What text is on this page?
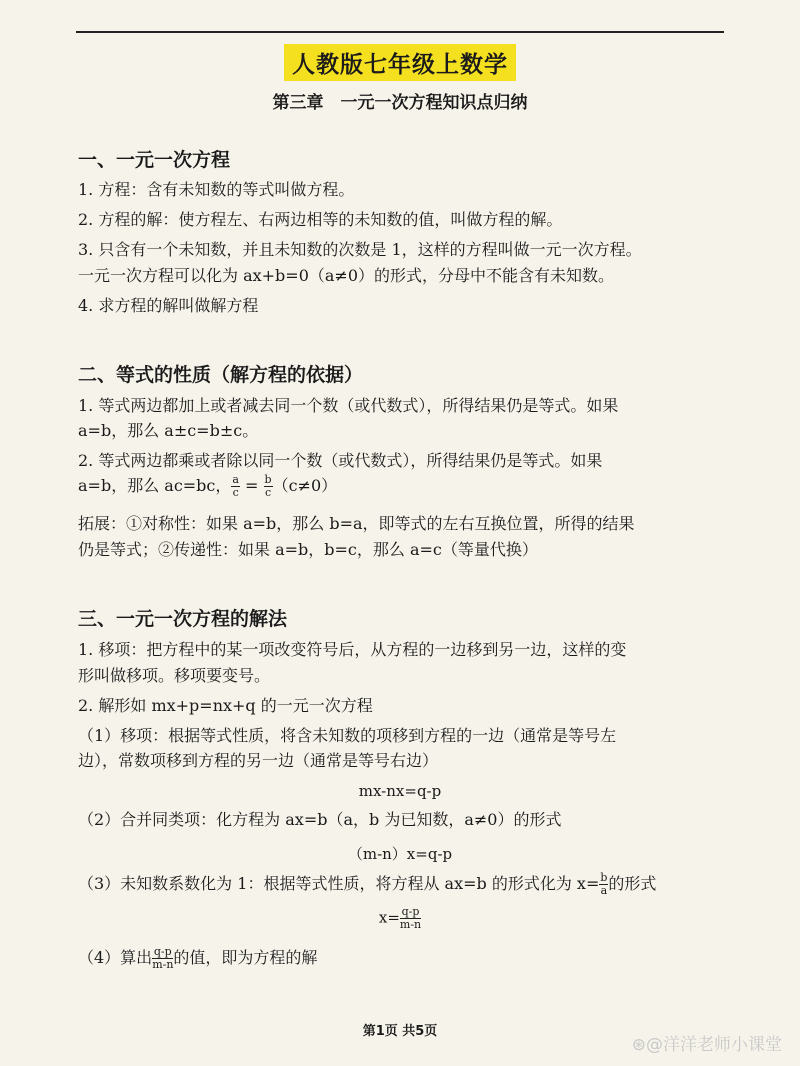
人教版七年级上数学
第三章　一元一次方程知识点归纳
一、一元一次方程
1. 方程：含有未知数的等式叫做方程。
2. 方程的解：使方程左、右两边相等的未知数的值，叫做方程的解。
3. 只含有一个未知数，并且未知数的次数是 1，这样的方程叫做一元一次方程。
一元一次方程可以化为 ax+b=0（a≠0）的形式，分母中不能含有未知数。
4. 求方程的解叫做解方程
二、等式的性质（解方程的依据）
1. 等式两边都加上或者减去同一个数（或代数式），所得结果仍是等式。如果
a=b，那么 a±c=b±c。
2. 等式两边都乘或者除以同一个数（或代数式），所得结果仍是等式。如果
a=b，那么 ac=bc， $\frac{a}{c} = \frac{b}{c} (c\ne 0)$
拓展：①对称性：如果 a=b，那么 b=a，即等式的左右互换位置，所得的结果
仍是等式；②传递性：如果 a=b，b=c，那么 a=c（等量代换）
三、一元一次方程的解法
1. 移项：把方程中的某一项改变符号后，从方程的一边移到另一边，这样的变
形叫做移项。移项要变号。
2. 解形如 mx+p=nx+q 的一元一次方程
（1）移项：根据等式性质，将含未知数的项移到方程的一边（通常是等号左
边），常数项移到方程的另一边（通常是等号右边）
mx-nx=q-p
（2）合并同类项：化方程为 ax=b（a，b 为已知数，a≠0）的形式
（m-n）x=q-p
（3）未知数系数化为 1：根据等式性质，将方程从 ax=b 的形式化为 $x= \frac{b}{a}$ 的形式
$x= \frac{q-p}{m-n}$
（4）算出 $\frac{q-p}{m-n}$ 的值，即为方程的解
第1页 共5页
⊛@洋洋老师小课堂
